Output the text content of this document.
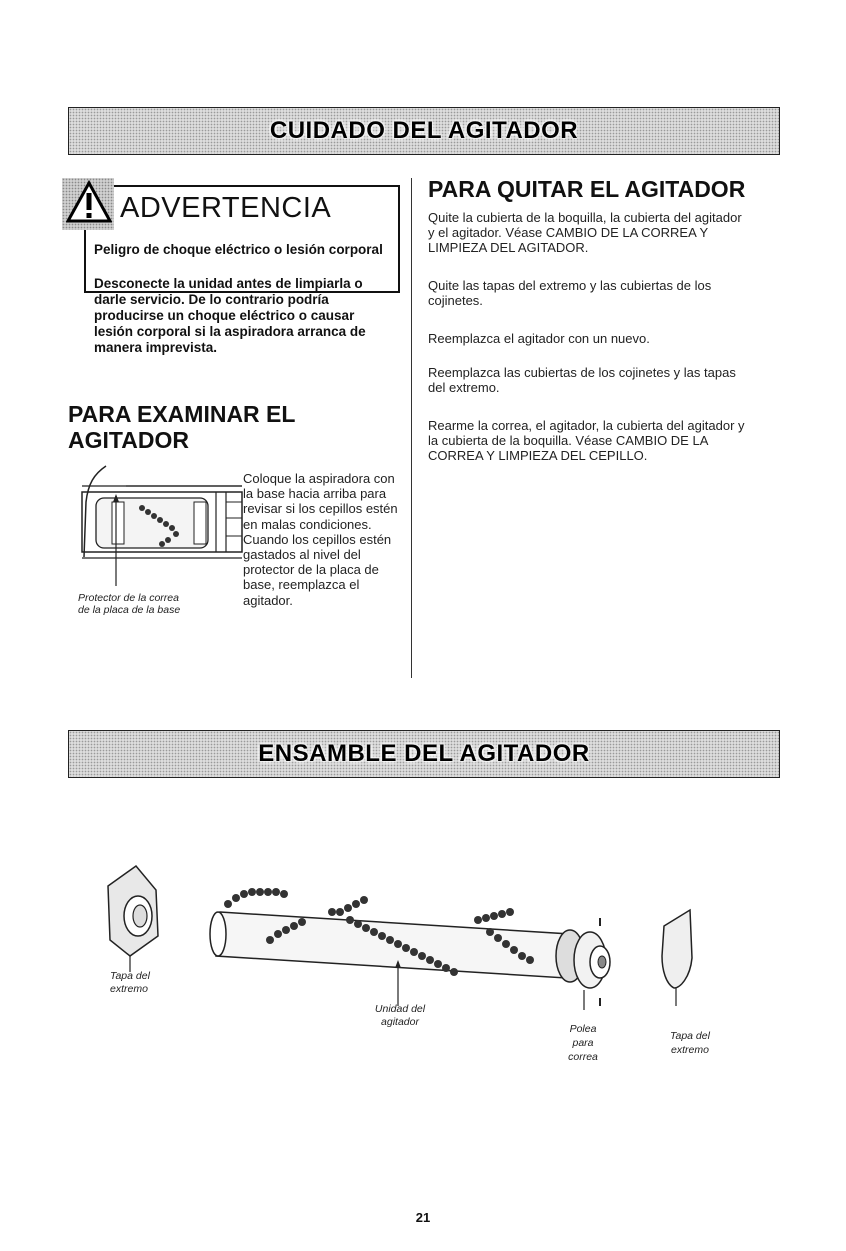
CUIDADO DEL AGITADOR
ADVERTENCIA

Peligro de choque eléctrico o lesión corporal

Desconecte la unidad antes de limpiarla o darle servicio. De lo contrario podría producirse un choque eléctrico o causar lesión corporal si la aspiradora arranca de manera imprevista.

PARA EXAMINAR EL
AGITADOR
Protector de la correa
de la placa de la base

Coloque la aspiradora con la base hacia arriba para revisar si los cepillos estén en malas condiciones. Cuando los cepillos estén gastados al nivel del protector de la placa de base, reemplazca el agitador.

PARA QUITAR EL AGITADOR

Quite la cubierta de la boquilla, la cubierta del agitador y el agitador. Véase CAMBIO DE LA CORREA Y LIMPIEZA DEL AGITADOR.

Quite las tapas del extremo y las cubiertas de los cojinetes.

Reemplazca el agitador con un nuevo.

Reemplazca las cubiertas de los cojinetes y las tapas del extremo.

Rearme la correa, el agitador, la cubierta del agitador y la cubierta de la boquilla. Véase CAMBIO DE LA CORREA Y LIMPIEZA DEL CEPILLO.

ENSAMBLE DEL AGITADOR
Tapa del
extremo
Unidad del
agitador
Polea
para
correa
Tapa del
extremo
21
